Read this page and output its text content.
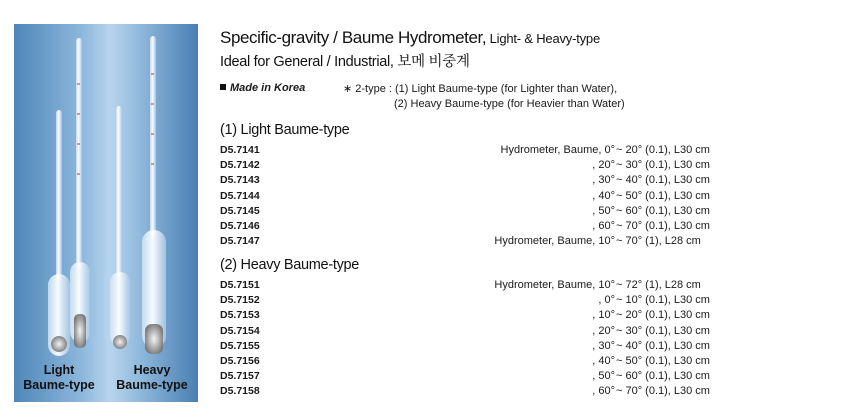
Light
Baume-type
Heavy
Baume-type
Specific-gravity / Baume Hydrometer, Light- & Heavy-type
Ideal for General / Industrial, 보메 비중계
Made in Korea	∗ 2-type : (1) Light Baume-type (for Lighter than Water),
(2) Heavy Baume-type (for Heavier than Water)
(1) Light Baume-type
D5.7141	Hydrometer, Baume, 0° ~ 20° (0.1), L30 cm
D5.7142	, 20° ~ 30° (0.1), L30 cm
D5.7143	, 30° ~ 40° (0.1), L30 cm
D5.7144	, 40° ~ 50° (0.1), L30 cm
D5.7145	, 50° ~ 60° (0.1), L30 cm
D5.7146	, 60° ~ 70° (0.1), L30 cm
D5.7147	Hydrometer, Baume, 10° ~ 70° (1), L28 cm
(2) Heavy Baume-type
D5.7151	Hydrometer, Baume, 10° ~ 72° (1), L28 cm
D5.7152	, 0° ~ 10° (0.1), L30 cm
D5.7153	, 10° ~ 20° (0.1), L30 cm
D5.7154	, 20° ~ 30° (0.1), L30 cm
D5.7155	, 30° ~ 40° (0.1), L30 cm
D5.7156	, 40° ~ 50° (0.1), L30 cm
D5.7157	, 50° ~ 60° (0.1), L30 cm
D5.7158	, 60° ~ 70° (0.1), L30 cm
